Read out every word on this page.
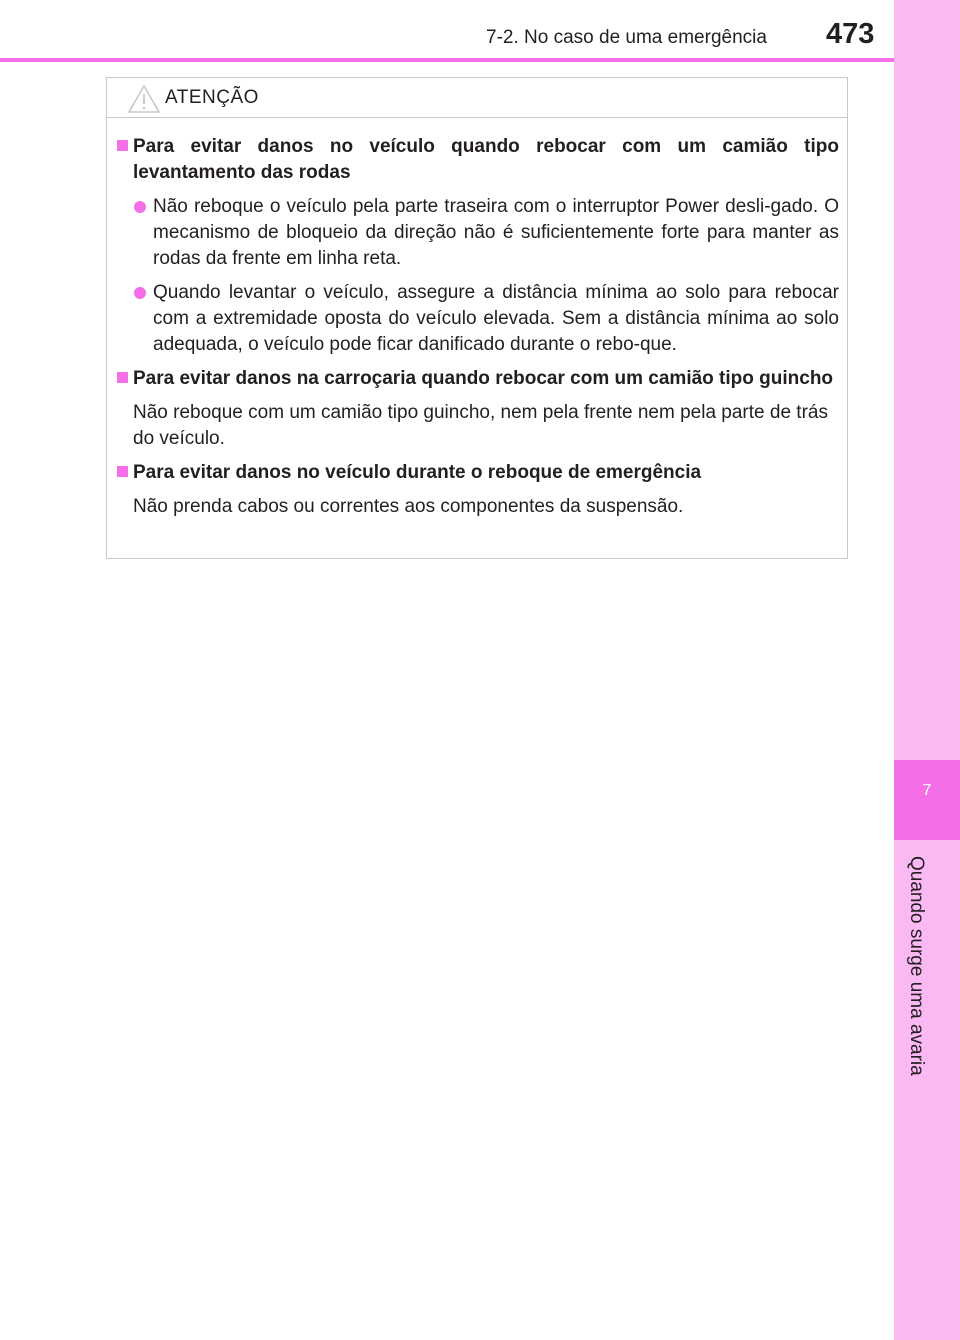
7-2. No caso de uma emergência 473
7
Quando surge uma avaria
ATENÇÃO
Para evitar danos no veículo quando rebocar com um camião tipo levantamento das rodas
Não reboque o veículo pela parte traseira com o interruptor Power desli-gado. O mecanismo de bloqueio da direção não é suficientemente forte para manter as rodas da frente em linha reta.
Quando levantar o veículo, assegure a distância mínima ao solo para rebocar com a extremidade oposta do veículo elevada. Sem a distância mínima ao solo adequada, o veículo pode ficar danificado durante o rebo-que.
Para evitar danos na carroçaria quando rebocar com um camião tipo guincho
Não reboque com um camião tipo guincho, nem pela frente nem pela parte de trás do veículo.
Para evitar danos no veículo durante o reboque de emergência
Não prenda cabos ou correntes aos componentes da suspensão.
